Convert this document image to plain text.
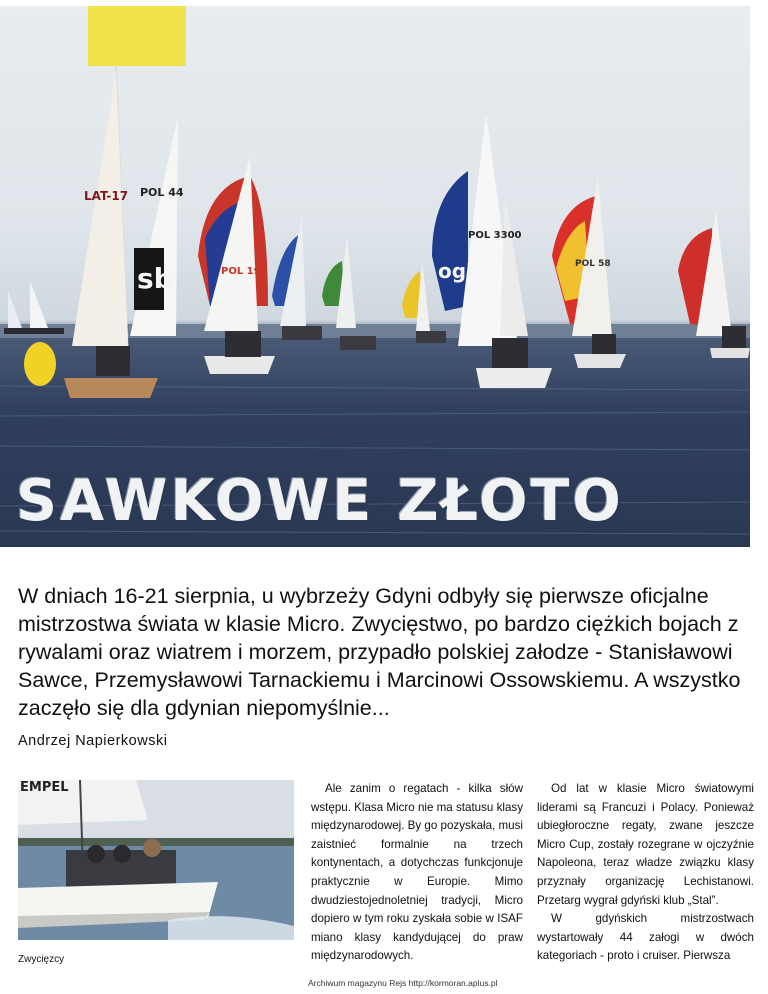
LAT-17 POL 44
sb	POL 197
POL 3300
ogi	POL 58
SAWKOWE ZŁOTO

W dniach 16-21 sierpnia, u wybrzeży Gdyni odbyły się pierwsze oficjalne mistrzostwa świata w klasie Micro. Zwycięstwo, po bardzo ciężkich bojach z rywalami oraz wiatrem i morzem, przypadło polskiej załodze - Stanisławowi Sawce, Przemysławowi Tarnackiemu i Marcinowi Ossowskiemu. A wszystko zaczęło się dla gdynian niepomyślnie...

Andrzej Napierkowski

EMPEL

Zwycięzcy

Ale zanim o regatach - kilka słów wstępu. Klasa Micro nie ma statusu klasy międzynarodowej. By go pozyskała, musi zaistnieć formalnie na trzech kontynentach, a dotychczas funkcjonuje praktycznie w Europie. Mimo dwudziestojednoletniej tradycji, Micro dopiero w tym roku zyskała sobie w ISAF miano klasy kandydującej do praw międzynarodowych.

Od lat w klasie Micro światowymi liderami są Francuzi i Polacy. Ponieważ ubiegłoroczne regaty, zwane jeszcze Micro Cup, zostały rozegrane w ojczyźnie Napoleona, teraz władze związku klasy przyznały organizację Lechistanowi. Przetarg wygrał gdyński klub „Stal”.

W gdyńskich mistrzostwach wystartowały 44 załogi w dwóch kategoriach - proto i cruiser. Pierwsza

Archiwum magazynu Rejs http://kormoran.aplus.pl
